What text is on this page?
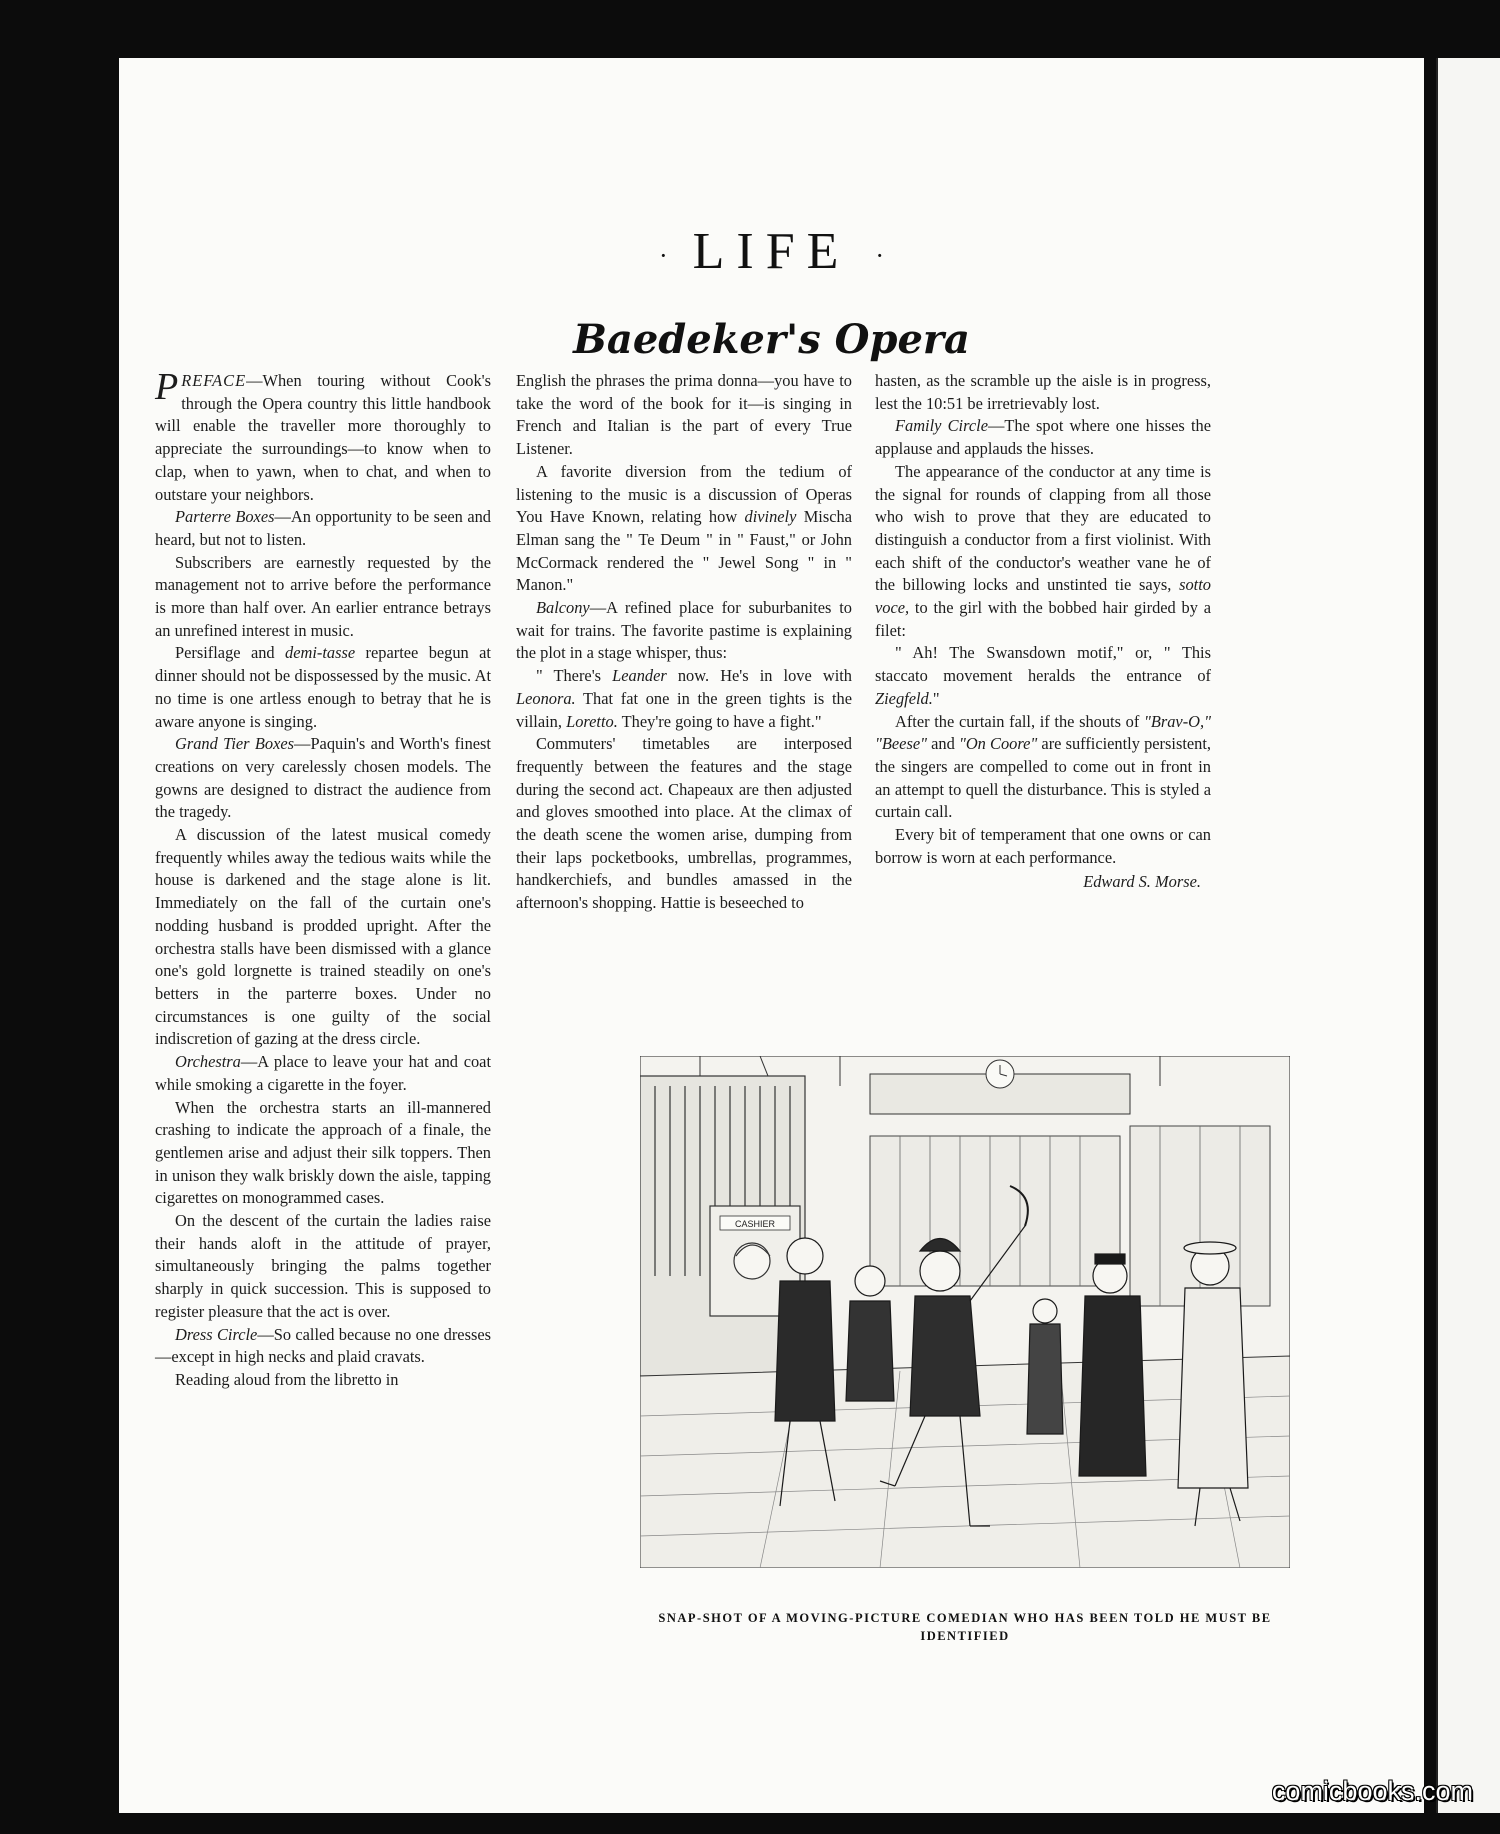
· LIFE ·
Baedeker's Opera

PREFACE—When touring without Cook's through the Opera country this little handbook will enable the traveller more thoroughly to appreciate the surroundings—to know when to clap, when to yawn, when to chat, and when to outstare your neighbors.

Parterre Boxes—An opportunity to be seen and heard, but not to listen.

Subscribers are earnestly requested by the management not to arrive before the performance is more than half over. An earlier entrance betrays an unrefined interest in music.

Persiflage and demi-tasse repartee begun at dinner should not be dispossessed by the music. At no time is one artless enough to betray that he is aware anyone is singing.

Grand Tier Boxes—Paquin's and Worth's finest creations on very carelessly chosen models. The gowns are designed to distract the audience from the tragedy.

A discussion of the latest musical comedy frequently whiles away the tedious waits while the house is darkened and the stage alone is lit. Immediately on the fall of the curtain one's nodding husband is prodded upright. After the orchestra stalls have been dismissed with a glance one's gold lorgnette is trained steadily on one's betters in the parterre boxes. Under no circumstances is one guilty of the social indiscretion of gazing at the dress circle.

Orchestra—A place to leave your hat and coat while smoking a cigarette in the foyer.

When the orchestra starts an ill-mannered crashing to indicate the approach of a finale, the gentlemen arise and adjust their silk toppers. Then in unison they walk briskly down the aisle, tapping cigarettes on monogrammed cases.

On the descent of the curtain the ladies raise their hands aloft in the attitude of prayer, simultaneously bringing the palms together sharply in quick succession. This is supposed to register pleasure that the act is over.

Dress Circle—So called because no one dresses—except in high necks and plaid cravats.

Reading aloud from the libretto in

English the phrases the prima donna—you have to take the word of the book for it—is singing in French and Italian is the part of every True Listener.

A favorite diversion from the tedium of listening to the music is a discussion of Operas You Have Known, relating how divinely Mischa Elman sang the " Te Deum " in " Faust," or John McCormack rendered the " Jewel Song " in " Manon."

Balcony—A refined place for suburbanites to wait for trains. The favorite pastime is explaining the plot in a stage whisper, thus:

" There's Leander now. He's in love with Leonora. That fat one in the green tights is the villain, Loretto. They're going to have a fight."

Commuters' timetables are interposed frequently between the features and the stage during the second act. Chapeaux are then adjusted and gloves smoothed into place. At the climax of the death scene the women arise, dumping from their laps pocketbooks, umbrellas, programmes, handkerchiefs, and bundles amassed in the afternoon's shopping. Hattie is beseeched to

hasten, as the scramble up the aisle is in progress, lest the 10:51 be irretrievably lost.

Family Circle—The spot where one hisses the applause and applauds the hisses.

The appearance of the conductor at any time is the signal for rounds of clapping from all those who wish to prove that they are educated to distinguish a conductor from a first violinist. With each shift of the conductor's weather vane he of the billowing locks and unstinted tie says, sotto voce, to the girl with the bobbed hair girded by a filet:

" Ah! The Swansdown motif," or, " This staccato movement heralds the entrance of Ziegfeld."

After the curtain fall, if the shouts of "Brav-O," "Beese" and "On Coore" are sufficiently persistent, the singers are compelled to come out in front in an attempt to quell the disturbance. This is styled a curtain call.

Every bit of temperament that one owns or can borrow is worn at each performance.

Edward S. Morse.
CASHIER
SNAP-SHOT OF A MOVING-PICTURE COMEDIAN WHO HAS BEEN TOLD HE MUST BE IDENTIFIED
comicbooks.com
